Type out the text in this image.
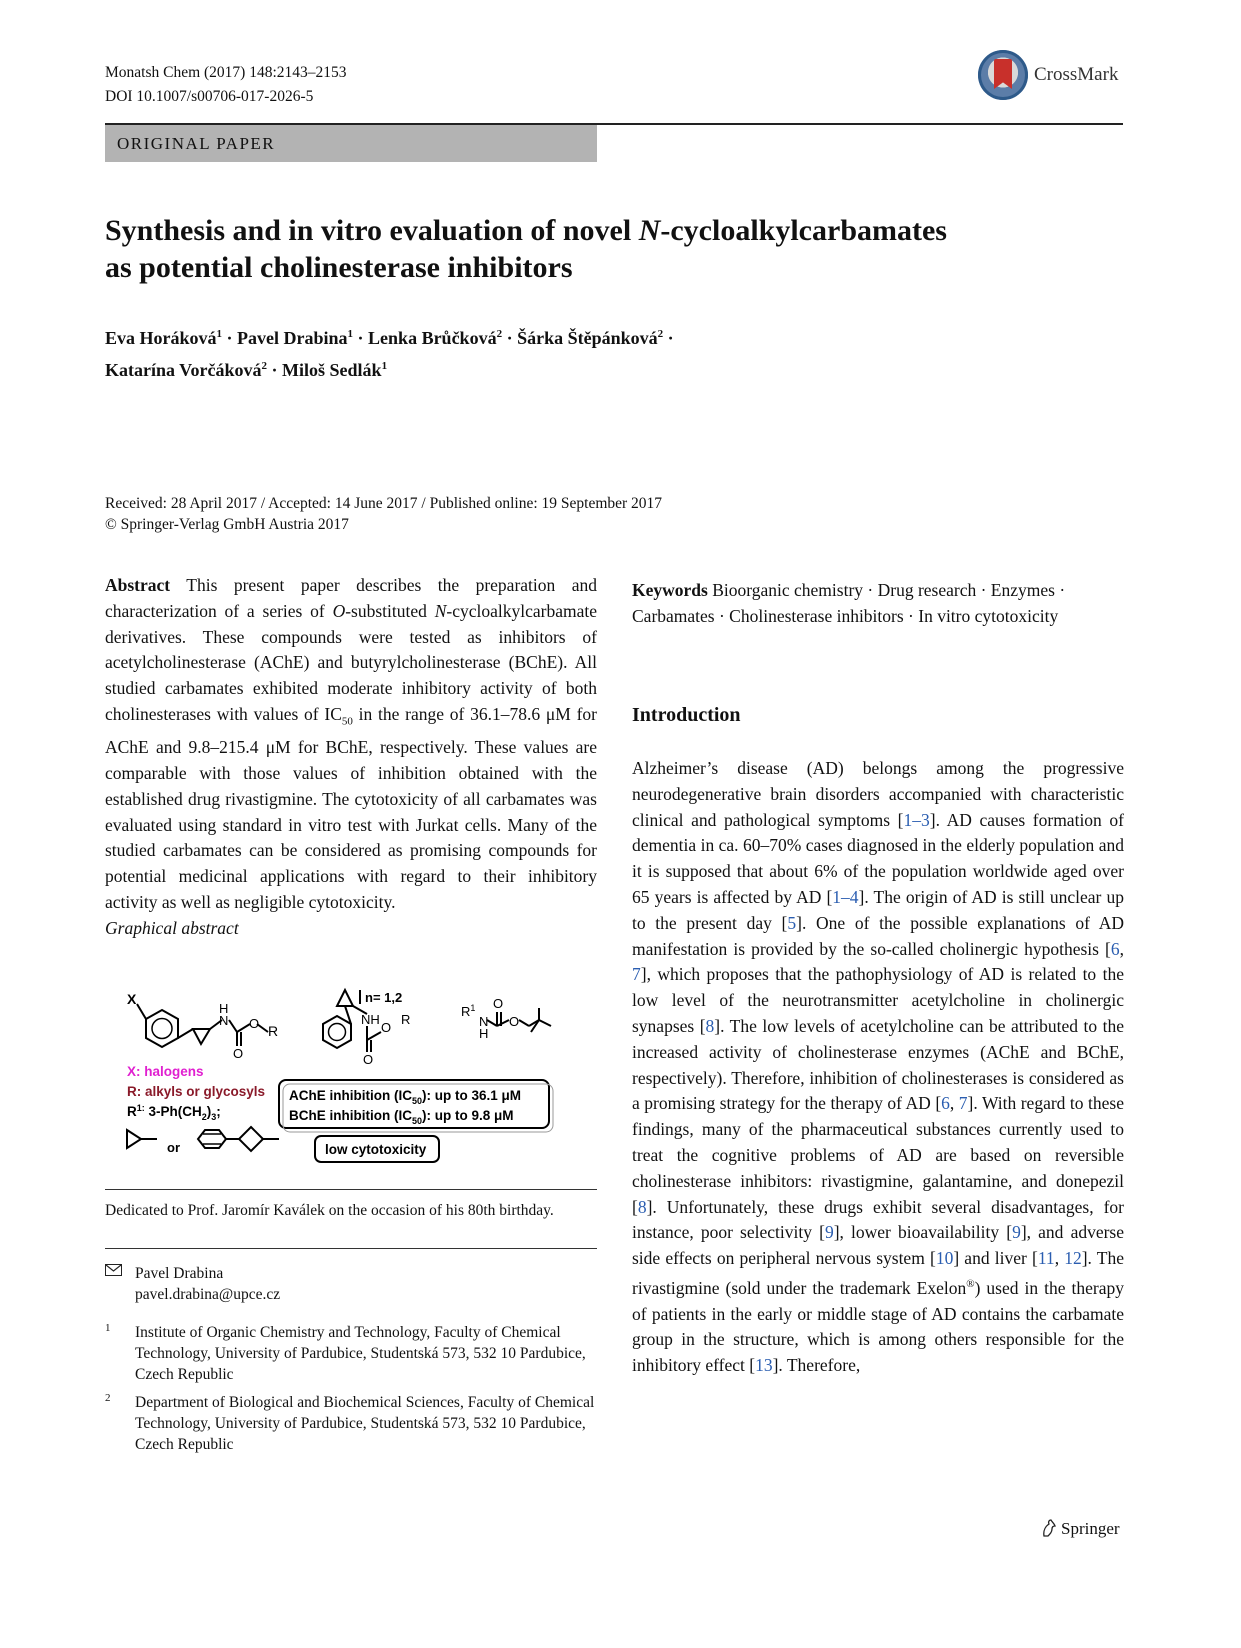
Monatsh Chem (2017) 148:2143–2153
DOI 10.1007/s00706-017-2026-5
CrossMark
ORIGINAL PAPER
Synthesis and in vitro evaluation of novel N-cycloalkylcarbamates
as potential cholinesterase inhibitors
Eva Horáková$^1$ · Pavel Drabina$^1$ · Lenka Brůčková$^2$ · Šárka Štěpánková$^2$ ·
Katarína Vorčáková$^2$ · Miloš Sedlák$^1$
Received: 28 April 2017 / Accepted: 14 June 2017 / Published online: 19 September 2017
© Springer-Verlag GmbH Austria 2017
Abstract This present paper describes the preparation and characterization of a series of O-substituted N-cycloalkylcarbamate derivatives. These compounds were tested as inhibitors of acetylcholinesterase (AChE) and butyrylcholinesterase (BChE). All studied carbamates exhibited moderate inhibitory activity of both cholinesterases with values of $IC_{50}$ in the range of 36.1–78.6 μM for AChE and 9.8–215.4 μM for BChE, respectively. These values are comparable with those values of inhibition obtained with the established drug rivastigmine. The cytotoxicity of all carbamates was evaluated using standard in vitro test with Jurkat cells. Many of the studied carbamates can be considered as promising compounds for potential medicinal applications with regard to their inhibitory activity as well as negligible cytotoxicity.
Graphical abstract
X
H
N O
O
R
n= 1,2
NH
O
R
O
$R^1$
N
H
O
O
X: halogens
R: alkyls or glycosyls
$R^{1:}$ $3-Ph(CH_2)_3$;
or
AChE inhibition $(IC_{50})$: up to 36.1 μM
BChE inhibition $(IC_{50})$: up to 9.8 μM
low cytotoxicity
Dedicated to Prof. Jaromír Kaválek on the occasion of his 80th birthday.
Pavel Drabina
pavel.drabina@upce.cz
1	Institute of Organic Chemistry and Technology, Faculty of Chemical Technology, University of Pardubice, Studentská 573, 532 10 Pardubice, Czech Republic
2	Department of Biological and Biochemical Sciences, Faculty of Chemical Technology, University of Pardubice, Studentská 573, 532 10 Pardubice, Czech Republic
Keywords Bioorganic chemistry · Drug research · Enzymes · Carbamates · Cholinesterase inhibitors · In vitro cytotoxicity
Introduction
Alzheimer’s disease (AD) belongs among the progressive neurodegenerative brain disorders accompanied with characteristic clinical and pathological symptoms [1–3]. AD causes formation of dementia in ca. 60–70% cases diagnosed in the elderly population and it is supposed that about 6% of the population worldwide aged over 65 years is affected by AD [1–4]. The origin of AD is still unclear up to the present day [5]. One of the possible explanations of AD manifestation is provided by the so-called cholinergic hypothesis [6, 7], which proposes that the pathophysiology of AD is related to the low level of the neurotransmitter acetylcholine in cholinergic synapses [8]. The low levels of acetylcholine can be attributed to the increased activity of cholinesterase enzymes (AChE and BChE, respectively). Therefore, inhibition of cholinesterases is considered as a promising strategy for the therapy of AD [6, 7]. With regard to these findings, many of the pharmaceutical substances currently used to treat the cognitive problems of AD are based on reversible cholinesterase inhibitors: rivastigmine, galantamine, and donepezil [8]. Unfortunately, these drugs exhibit several disadvantages, for instance, poor selectivity [9], lower bioavailability [9], and adverse side effects on peripheral nervous system [10] and liver [11, 12]. The rivastigmine (sold under the trademark Exelon®) used in the therapy of patients in the early or middle stage of AD contains the carbamate group in the structure, which is among others responsible for the inhibitory effect [13]. Therefore,
Springer
